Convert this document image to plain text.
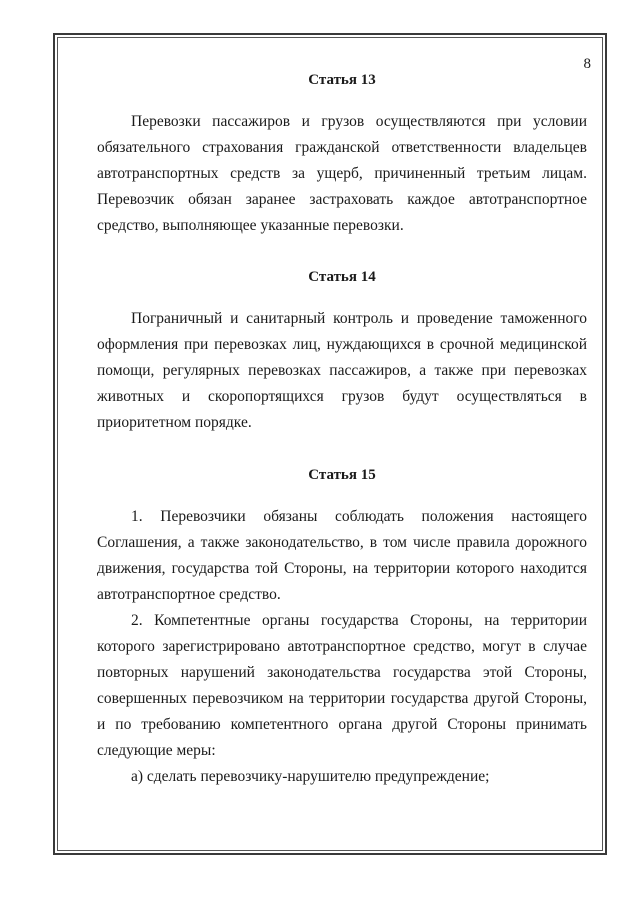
8
Статья 13

Перевозки пассажиров и грузов осуществляются при условии обязательного страхования гражданской ответственности владельцев автотранспортных средств за ущерб, причиненный третьим лицам. Перевозчик обязан заранее застраховать каждое автотранспортное средство, выполняющее указанные перевозки.

Статья 14

Пограничный и санитарный контроль и проведение таможенного оформления при перевозках лиц, нуждающихся в срочной медицинской помощи, регулярных перевозках пассажиров, а также при перевозках животных и скоропортящихся грузов будут осуществляться в приоритетном порядке.

Статья 15

1. Перевозчики обязаны соблюдать положения настоящего Соглашения, а также законодательство, в том числе правила дорожного движения, государства той Стороны, на территории которого находится автотранспортное средство.

2. Компетентные органы государства Стороны, на территории которого зарегистрировано автотранспортное средство, могут в случае повторных нарушений законодательства государства этой Стороны, совершенных перевозчиком на территории государства другой Стороны, и по требованию компетентного органа другой Стороны принимать следующие меры:

а) сделать перевозчику-нарушителю предупреждение;
